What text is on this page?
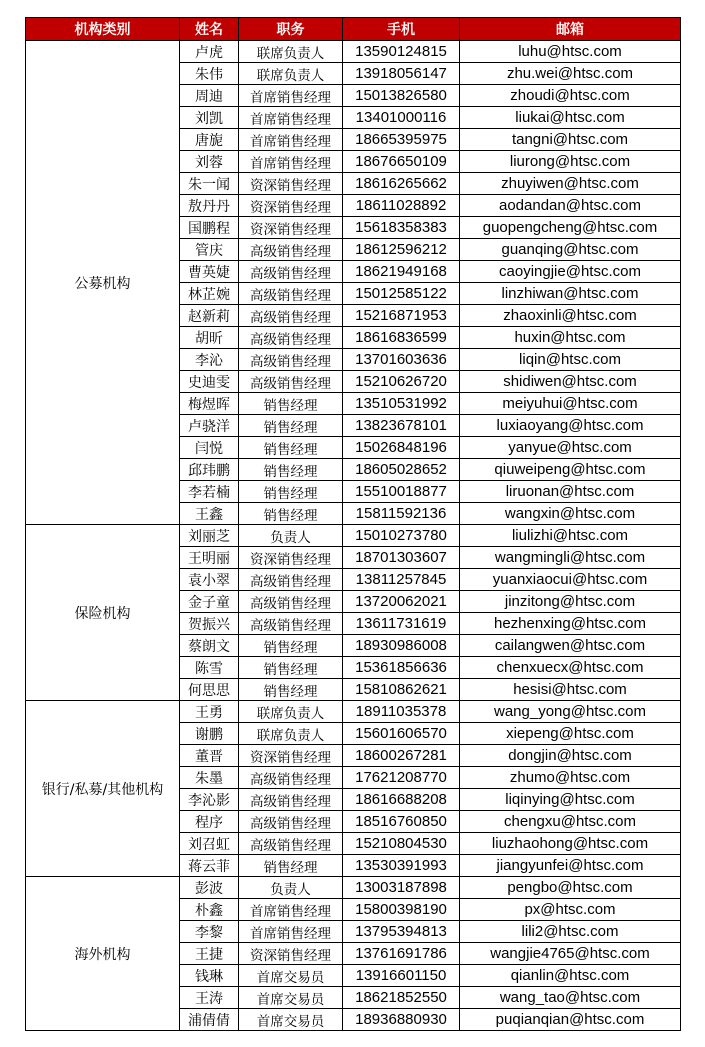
机构类别	姓名	职务	手机	邮箱
公募机构	卢虎	联席负责人	13590124815	luhu@htsc.com
	朱伟	联席负责人	13918056147	zhu.wei@htsc.com
	周迪	首席销售经理	15013826580	zhoudi@htsc.com
	刘凯	首席销售经理	13401000116	liukai@htsc.com
	唐旎	首席销售经理	18665395975	tangni@htsc.com
	刘蓉	首席销售经理	18676650109	liurong@htsc.com
	朱一闻	资深销售经理	18616265662	zhuyiwen@htsc.com
	敖丹丹	资深销售经理	18611028892	aodandan@htsc.com
	国鹏程	资深销售经理	15618358383	guopengcheng@htsc.com
	管庆	高级销售经理	18612596212	guanqing@htsc.com
	曹英婕	高级销售经理	18621949168	caoyingjie@htsc.com
	林芷婉	高级销售经理	15012585122	linzhiwan@htsc.com
	赵新莉	高级销售经理	15216871953	zhaoxinli@htsc.com
	胡昕	高级销售经理	18616836599	huxin@htsc.com
	李沁	高级销售经理	13701603636	liqin@htsc.com
	史迪雯	高级销售经理	15210626720	shidiwen@htsc.com
	梅煜晖	销售经理	13510531992	meiyuhui@htsc.com
	卢骁洋	销售经理	13823678101	luxiaoyang@htsc.com
	闫悦	销售经理	15026848196	yanyue@htsc.com
	邱玮鹏	销售经理	18605028652	qiuweipeng@htsc.com
	李若楠	销售经理	15510018877	liruonan@htsc.com
	王鑫	销售经理	15811592136	wangxin@htsc.com
保险机构	刘丽芝	负责人	15010273780	liulizhi@htsc.com
	王明丽	资深销售经理	18701303607	wangmingli@htsc.com
	袁小翠	高级销售经理	13811257845	yuanxiaocui@htsc.com
	金子童	高级销售经理	13720062021	jinzitong@htsc.com
	贺振兴	高级销售经理	13611731619	hezhenxing@htsc.com
	蔡朗文	销售经理	18930986008	cailangwen@htsc.com
	陈雪	销售经理	15361856636	chenxuecx@htsc.com
	何思思	销售经理	15810862621	hesisi@htsc.com
银行/私募/其他机构	王勇	联席负责人	18911035378	wang_yong@htsc.com
	谢鹏	联席负责人	15601606570	xiepeng@htsc.com
	董晋	资深销售经理	18600267281	dongjin@htsc.com
	朱墨	高级销售经理	17621208770	zhumo@htsc.com
	李沁影	高级销售经理	18616688208	liqinying@htsc.com
	程序	高级销售经理	18516760850	chengxu@htsc.com
	刘召虹	高级销售经理	15210804530	liuzhaohong@htsc.com
	蒋云菲	销售经理	13530391993	jiangyunfei@htsc.com
海外机构	彭波	负责人	13003187898	pengbo@htsc.com
	朴鑫	首席销售经理	15800398190	px@htsc.com
	李黎	首席销售经理	13795394813	lili2@htsc.com
	王捷	资深销售经理	13761691786	wangjie4765@htsc.com
	钱琳	首席交易员	13916601150	qianlin@htsc.com
	王涛	首席交易员	18621852550	wang_tao@htsc.com
	浦倩倩	首席交易员	18936880930	puqianqian@htsc.com
